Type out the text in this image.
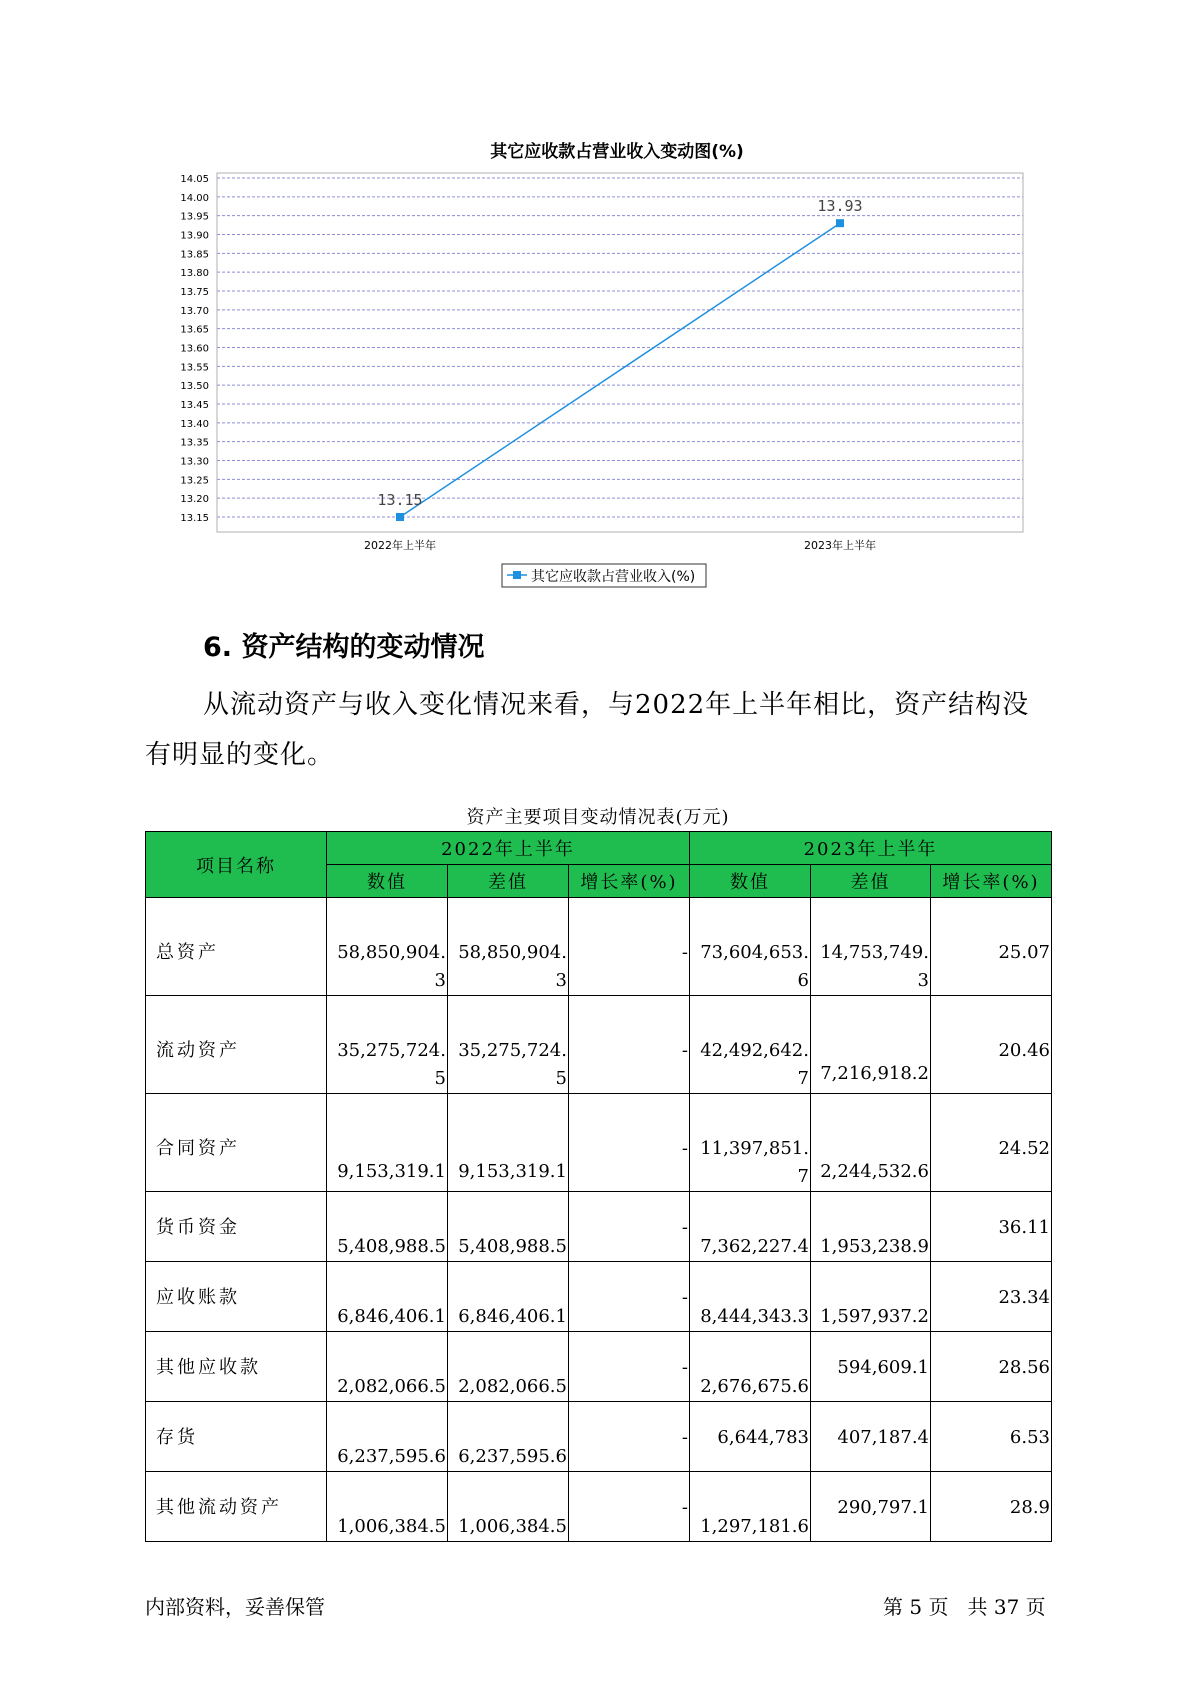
其它应收款占营业收入变动图(%)
14.05
14.00
13.95
13.90
13.85
13.80
13.75
13.70
13.65
13.60
13.55
13.50
13.45
13.40
13.35
13.30
13.25
13.20
13.15
2022年上半年	2023年上半年
13.15
13.93
其它应收款占营业收入(%)
6. 资产结构的变动情况
从流动资产与收入变化情况来看，与2022年上半年相比，资产结构没有明显的变化。
资产主要项目变动情况表(万元)
项目名称	2022年上半年			2023年上半年		
	数值	差值	增长率(%)	数值	差值	增长率(%)

总资产	58,850,904.3	58,850,904.3	-	73,604,653.6	14,753,749.3	25.07

流动资产	35,275,724.5	35,275,724.5	-	42,492,642.7	7,216,918.2	20.46

合同资产	9,153,319.1	9,153,319.1	-	11,397,851.7	2,244,532.6	24.52

货币资金	5,408,988.5	5,408,988.5	-	7,362,227.4	1,953,238.9	36.11

应收账款	6,846,406.1	6,846,406.1	-	8,444,343.3	1,597,937.2	23.34

其他应收款	2,082,066.5	2,082,066.5	-	2,676,675.6	594,609.1	28.56

存货	6,237,595.6	6,237,595.6	-	6,644,783	407,187.4	6.53

其他流动资产	1,006,384.5	1,006,384.5	-	1,297,181.6	290,797.1	28.9
内部资料，妥善保管	第 5 页   共 37 页
